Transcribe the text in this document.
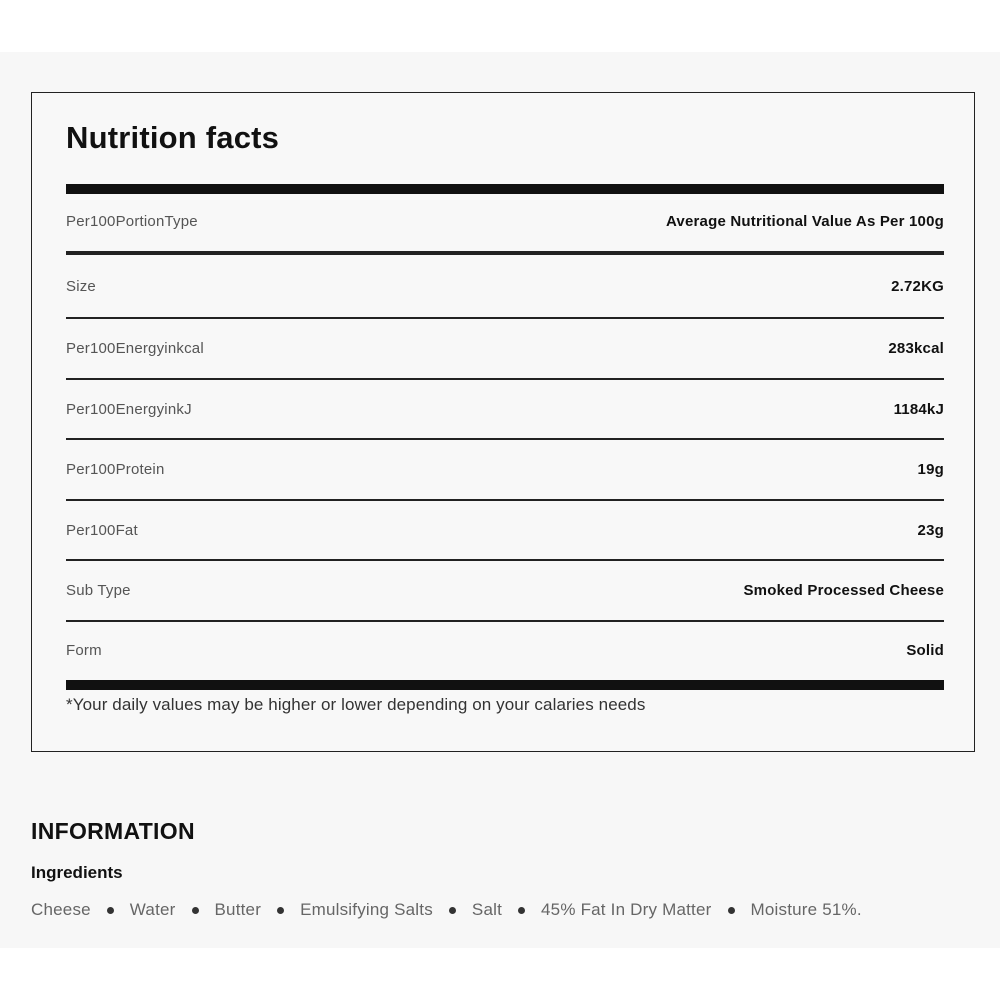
Nutrition facts
Per100PortionType	Average Nutritional Value As Per 100g
Size	2.72KG
Per100Energyinkcal	283kcal
Per100EnergyinkJ	1184kJ
Per100Protein	19g
Per100Fat	23g
Sub Type	Smoked Processed Cheese
Form	Solid
*Your daily values may be higher or lower depending on your calaries needs
INFORMATION
Ingredients
Cheese Water Butter Emulsifying Salts Salt 45% Fat In Dry Matter Moisture 51%.
